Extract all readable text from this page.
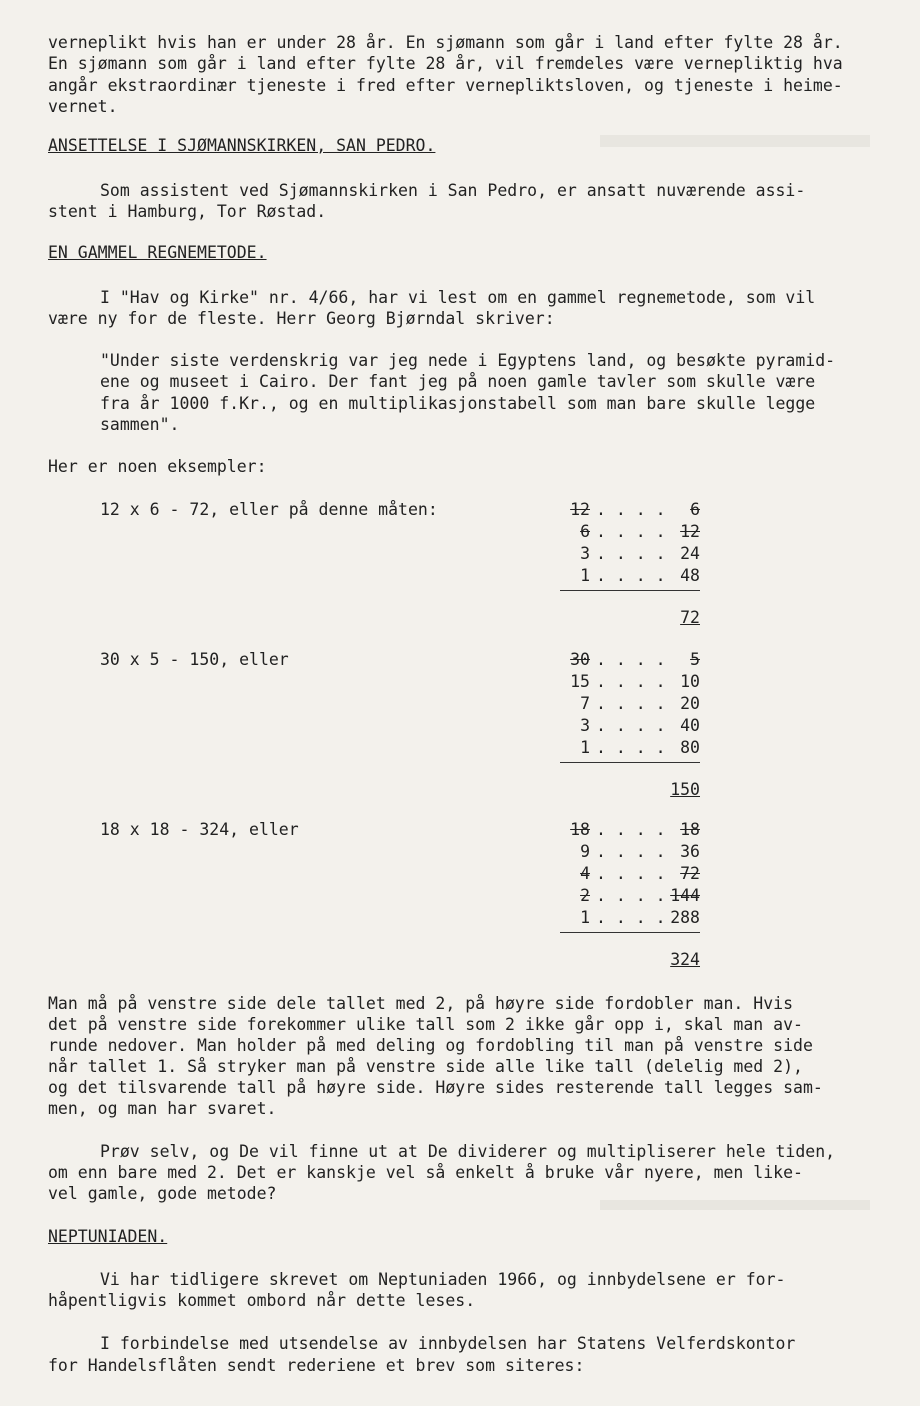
verneplikt hvis han er under 28 år. En sjømann som går i land efter fylte 28 år.
En sjømann som går i land efter fylte 28 år, vil fremdeles være vernepliktig hva
angår ekstraordinær tjeneste i fred efter vernepliktsloven, og tjeneste i heime-
vernet.
ANSETTELSE I SJØMANNSKIRKEN, SAN PEDRO.
Som assistent ved Sjømannskirken i San Pedro, er ansatt nuværende assi-
stent i Hamburg, Tor Røstad.
EN GAMMEL REGNEMETODE.
I "Hav og Kirke" nr. 4/66, har vi lest om en gammel regnemetode, som vil
være ny for de fleste. Herr Georg Bjørndal skriver:
"Under siste verdenskrig var jeg nede i Egyptens land, og besøkte pyramid-
ene og museet i Cairo. Der fant jeg på noen gamle tavler som skulle være
fra år 1000 f.Kr., og en multiplikasjonstabell som man bare skulle legge
sammen".
Her er noen eksempler:
12 x 6 - 72, eller på denne måten:	12 . . . .	6
6 . . . . 12
3 . . . . 24
1 . . . . 48
72
30 x 5 - 150, eller	30 . . . .	5
15 . . . . 10
7 . . . . 20
3 . . . . 40
1 . . . . 80
150
18 x 18 - 324, eller	18 . . . . 18
9 . . . . 36
4 . . . . 72
2 . . . . 144
1 . . . . 288
324
Man må på venstre side dele tallet med 2, på høyre side fordobler man. Hvis
det på venstre side forekommer ulike tall som 2 ikke går opp i, skal man av-
runde nedover. Man holder på med deling og fordobling til man på venstre side
når tallet 1. Så stryker man på venstre side alle like tall (delelig med 2),
og det tilsvarende tall på høyre side. Høyre sides resterende tall legges sam-
men, og man har svaret.
Prøv selv, og De vil finne ut at De dividerer og multipliserer hele tiden,
om enn bare med 2. Det er kanskje vel så enkelt å bruke vår nyere, men like-
vel gamle, gode metode?
NEPTUNIADEN.
Vi har tidligere skrevet om Neptuniaden 1966, og innbydelsene er for-
håpentligvis kommet ombord når dette leses.
I forbindelse med utsendelse av innbydelsen har Statens Velferdskontor
for Handelsflåten sendt rederiene et brev som siteres:
